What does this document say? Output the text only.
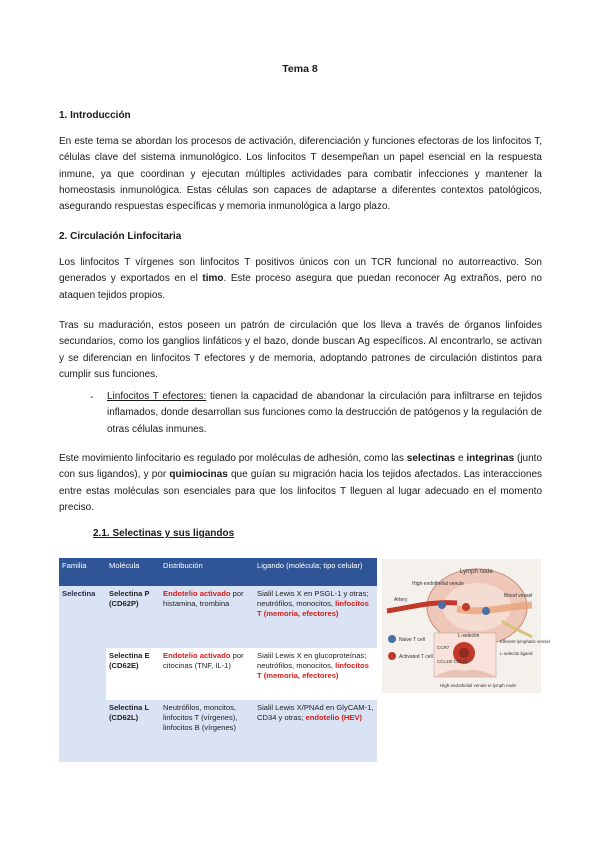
Tema 8
1. Introducción

En este tema se abordan los procesos de activación, diferenciación y funciones efectoras de los linfocitos T, células clave del sistema inmunológico. Los linfocitos T desempeñan un papel esencial en la respuesta inmune, ya que coordinan y ejecutan múltiples actividades para combatir infecciones y mantener la homeostasis inmunológica. Estas células son capaces de adaptarse a diferentes contextos patológicos, asegurando respuestas específicas y memoria inmunológica a largo plazo.

2. Circulación Linfocitaria

Los linfocitos T vírgenes son linfocitos T positivos únicos con un TCR funcional no autorreactivo. Son generados y exportados en el timo. Este proceso asegura que puedan reconocer Ag extraños, pero no ataquen tejidos propios.

Tras su maduración, estos poseen un patrón de circulación que los lleva a través de órganos linfoides secundarios, como los ganglios linfáticos y el bazo, donde buscan Ag específicos. Al encontrarlo, se activan y se diferencian en linfocitos T efectores y de memoria, adoptando patrones de circulación distintos para cumplir sus funciones.

- Linfocitos T efectores: tienen la capacidad de abandonar la circulación para infiltrarse en tejidos inflamados, donde desarrollan sus funciones como la destrucción de patógenos y la regulación de otras células inmunes.

Este movimiento linfocitario es regulado por moléculas de adhesión, como las selectinas e integrinas (junto con sus ligandos), y por quimiocinas que guían su migración hacia los tejidos afectados. Las interacciones entre estas moléculas son esenciales para que los linfocitos T lleguen al lugar adecuado en el momento preciso.

2.1. Selectinas y sus ligandos
Familia	Molécula	Distribución	Ligando (molécula; tipo celular)
Selectina	Selectina P (CD62P)	Endotelio activado por histamina, trombina	Sialil Lewis X en PSGL-1 y otras; neutrófilos, monocitos, linfocitos T (memoria, efectores)
	Selectina E (CD62E)	Endotelio activado por citocinas (TNF, IL-1)	Sialil Lewis X en glucoproteínas; neutrófilos, monocitos, linfocitos T (memoria, efectores)
	Selectina L (CD62L)	Neutrófilos, moncitos, linfocitos T (vírgenes), linfocitos B (vírgenes)	Sialil Lewis X/PNAd en GlyCAM-1, CD34 y otras; endotelio (HEV)
Lymph node
High endothelial venule
Artery
Blood vessel
Efferent lymphatic vessel
Naive T cell
Activated T cell
L-selectin
L-selectin ligand
CCR7
CCL19/ CCL21
High endothelial venule in lymph node
